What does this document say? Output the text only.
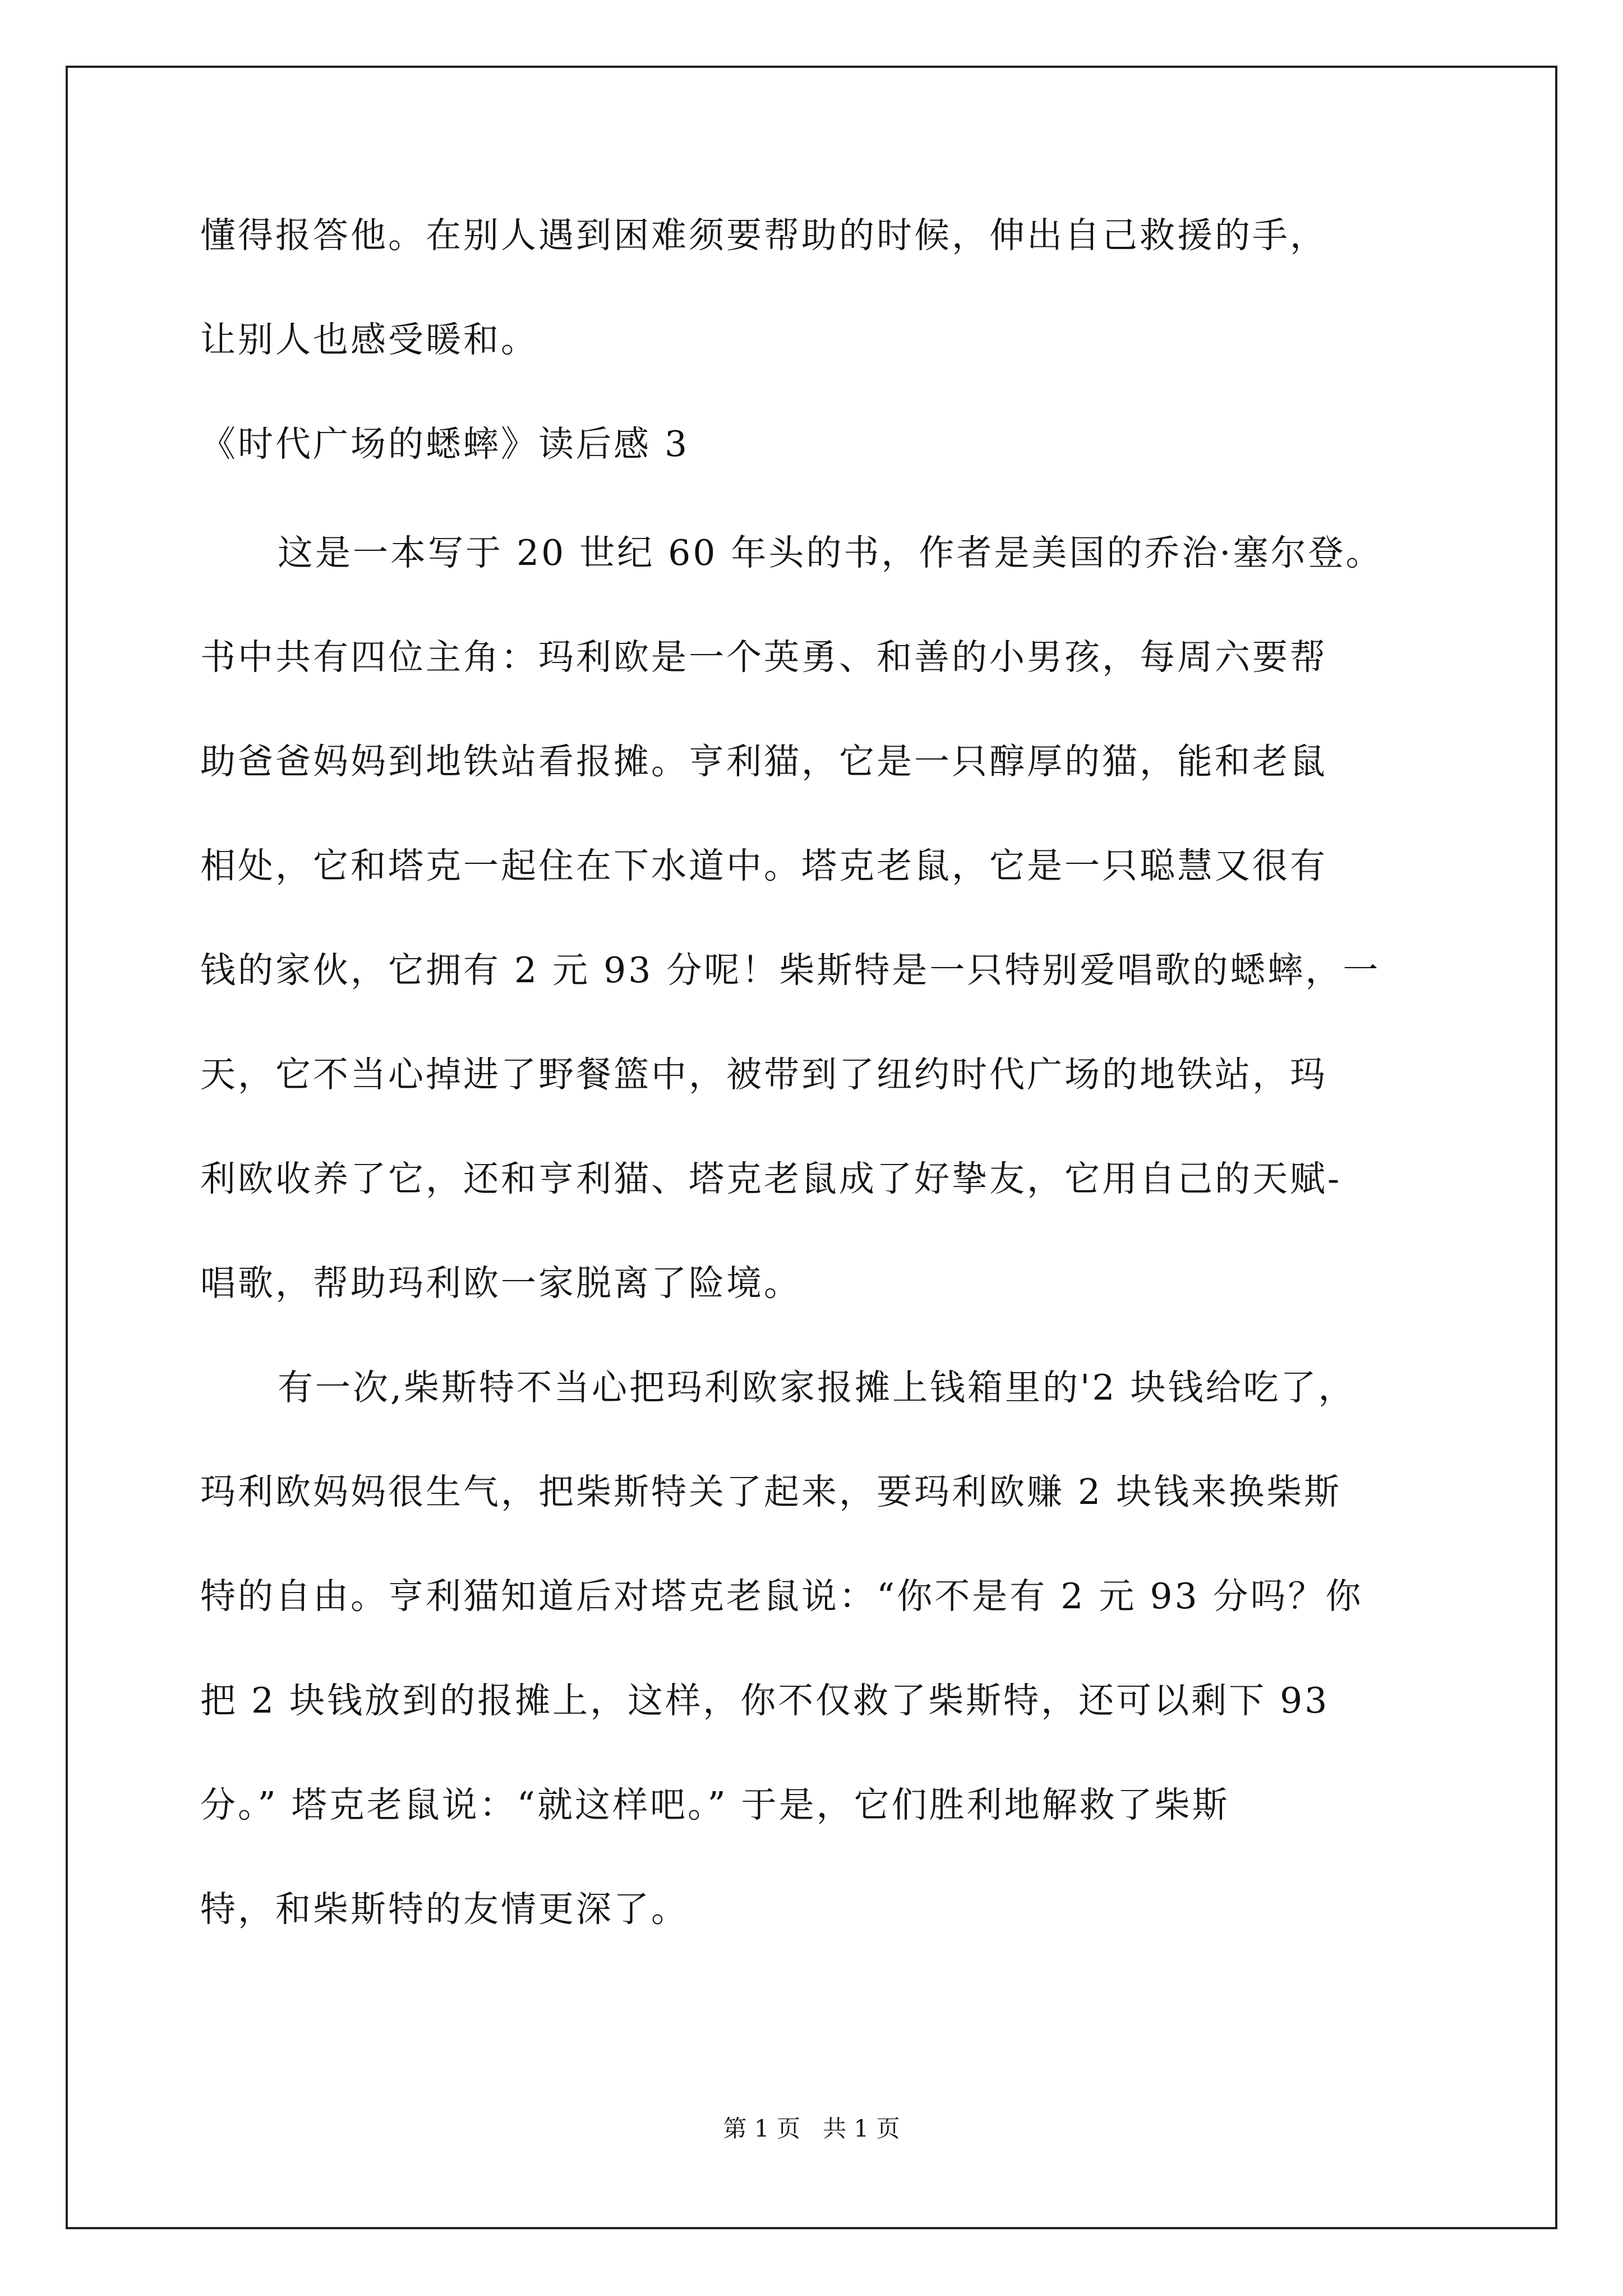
懂得报答他。在别人遇到困难须要帮助的时候，伸出自己救援的手，
让别人也感受暖和。
《时代广场的蟋蟀》读后感 3
这是一本写于 20 世纪 60 年头的书，作者是美国的乔治·塞尔登。
书中共有四位主角：玛利欧是一个英勇、和善的小男孩，每周六要帮
助爸爸妈妈到地铁站看报摊。亨利猫，它是一只醇厚的猫，能和老鼠
相处，它和塔克一起住在下水道中。塔克老鼠，它是一只聪慧又很有
钱的家伙，它拥有 2 元 93 分呢！柴斯特是一只特别爱唱歌的蟋蟀，一
天，它不当心掉进了野餐篮中，被带到了纽约时代广场的地铁站，玛
利欧收养了它，还和亨利猫、塔克老鼠成了好挚友，它用自己的天赋-
唱歌，帮助玛利欧一家脱离了险境。
有一次,柴斯特不当心把玛利欧家报摊上钱箱里的'2 块钱给吃了，
玛利欧妈妈很生气，把柴斯特关了起来，要玛利欧赚 2 块钱来换柴斯
特的自由。亨利猫知道后对塔克老鼠说：“你不是有 2 元 93 分吗？你
把 2 块钱放到的报摊上，这样，你不仅救了柴斯特，还可以剩下 93
分。” 塔克老鼠说：“就这样吧。” 于是，它们胜利地解救了柴斯
特，和柴斯特的友情更深了。
第 1 页   共 1 页
